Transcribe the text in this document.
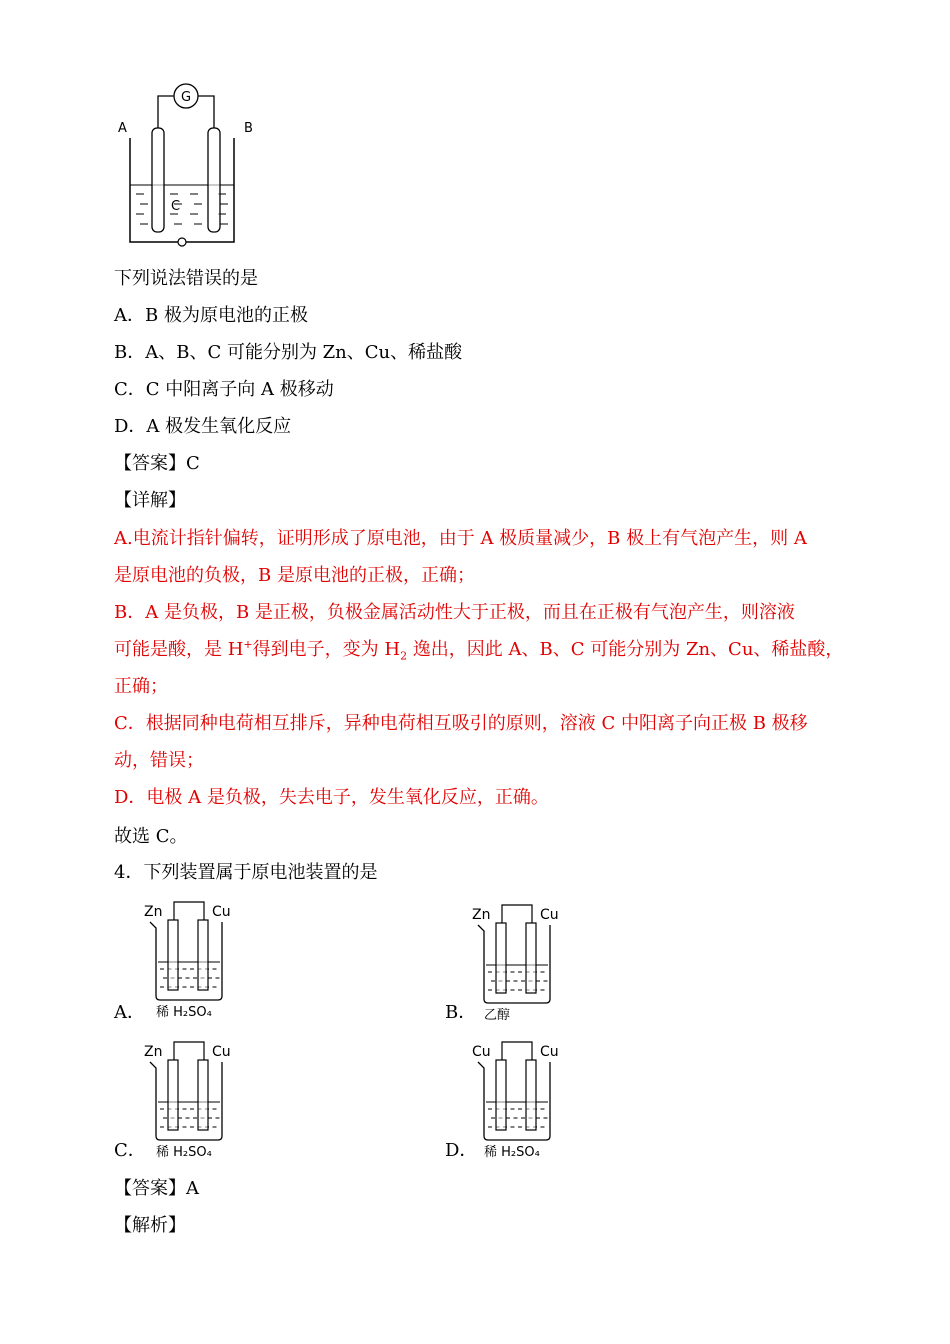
G
A	B
C
下列说法错误的是
A．B 极为原电池的正极
B．A、B、C 可能分别为 Zn、Cu、稀盐酸
C．C 中阳离子向 A 极移动
D．A 极发生氧化反应
【答案】C
【详解】
A.电流计指针偏转，证明形成了原电池，由于 A 极质量减少，B 极上有气泡产生，则 A
是原电池的负极，B 是原电池的正极，正确；
B．A 是负极，B 是正极，负极金属活动性大于正极，而且在正极有气泡产生，则溶液
可能是酸，是 H+得到电子，变为 $H_2$ 逸出，因此 A、B、C 可能分别为 Zn、Cu、稀盐酸，
正确；
C．根据同种电荷相互排斥，异种电荷相互吸引的原则，溶液 C 中阳离子向正极 B 极移
动，错误；
D．电极 A 是负极，失去电子，发生氧化反应，正确。
故选 C。
4．下列装置属于原电池装置的是
A．	B．
C．	D．
Zn	Cu
稀 H₂SO₄
Zn	Cu
乙醇
Zn	Cu
稀 H₂SO₄
Cu	Cu
稀 H₂SO₄
【答案】A
【解析】
